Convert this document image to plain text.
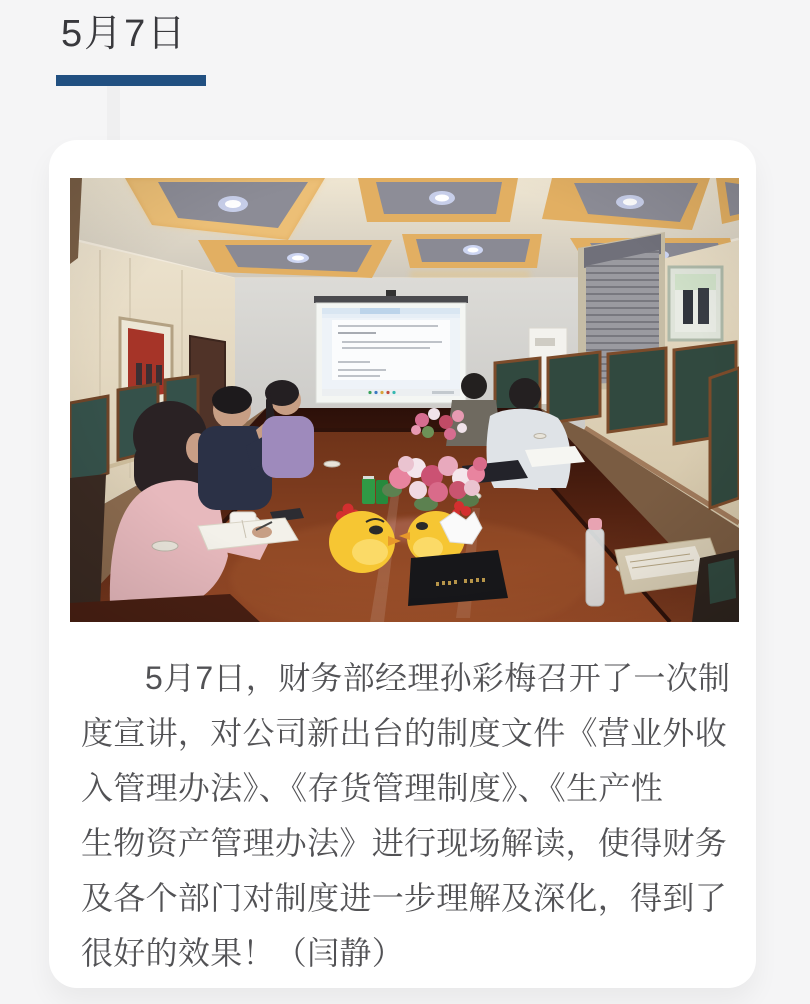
5月7日
5月7日，财务部经理孙彩梅召开了一次制
度宣讲，对公司新出台的制度文件《营业外收
入管理办法》、《存货管理制度》、《生产性
生物资产管理办法》进行现场解读，使得财务
及各个部门对制度进一步理解及深化，得到了
很好的效果！（闫静）
